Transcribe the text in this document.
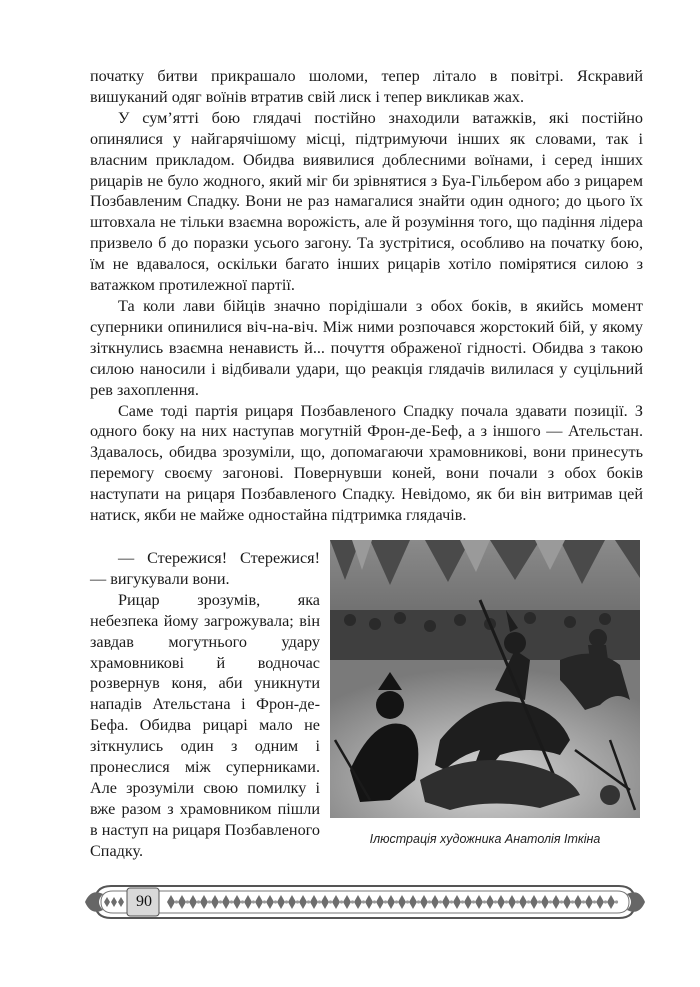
початку битви прикрашало шоломи, тепер літало в повітрі. Яскравий вишуканий одяг воїнів втратив свій лиск і тепер викликав жах.

У сум’ятті бою глядачі постійно знаходили ватажків, які постійно опинялися у найгарячішому місці, підтримуючи інших як словами, так і власним прикладом. Обидва виявилися доблесними воїнами, і серед інших рицарів не було жодного, який міг би зрівнятися з Буа-Гільбером або з рицарем Позбавленим Спадку. Вони не раз намагалися знайти один одного; до цього їх штовхала не тільки взаємна ворожість, але й розуміння того, що падіння лідера призвело б до поразки усього загону. Та зустрітися, особливо на початку бою, їм не вдавалося, оскільки багато інших рицарів хотіло помірятися силою з ватажком протилежної партії.

Та коли лави бійців значно порідішали з обох боків, в якийсь момент суперники опинилися віч-на-віч. Між ними розпочався жорстокий бій, у якому зіткнулись взаємна ненависть й... почуття ображеної гідності. Обидва з такою силою наносили і відбивали удари, що реакція глядачів вилилася у суцільний рев захоплення.

Саме тоді партія рицаря Позбавленого Спадку почала здавати позиції. З одного боку на них наступав могутній Фрон-де-Беф, а з іншого — Ательстан. Здавалось, обидва зрозуміли, що, допомагаючи храмовникові, вони принесуть перемогу своєму загонові. Повернувши коней, вони почали з обох боків наступати на рицаря Позбавленого Спадку. Невідомо, як би він витримав цей натиск, якби не майже одностайна підтримка глядачів.

— Стережися! Стережися! — вигукували вони.

Рицар зрозумів, яка небезпека йому загрожувала; він завдав могутнього удару храмовникові й водночас розвернув коня, аби уникнути нападів Ательстана і Фрон-де-Бефа. Обидва рицарі мало не зіткнулись один з одним і пронеслися між суперниками. Але зрозуміли свою помилку і вже разом з храмовником пішли в наступ на рицаря Позбавленого Спадку.

Ілюстрація художника Анатолія Іткіна
90
